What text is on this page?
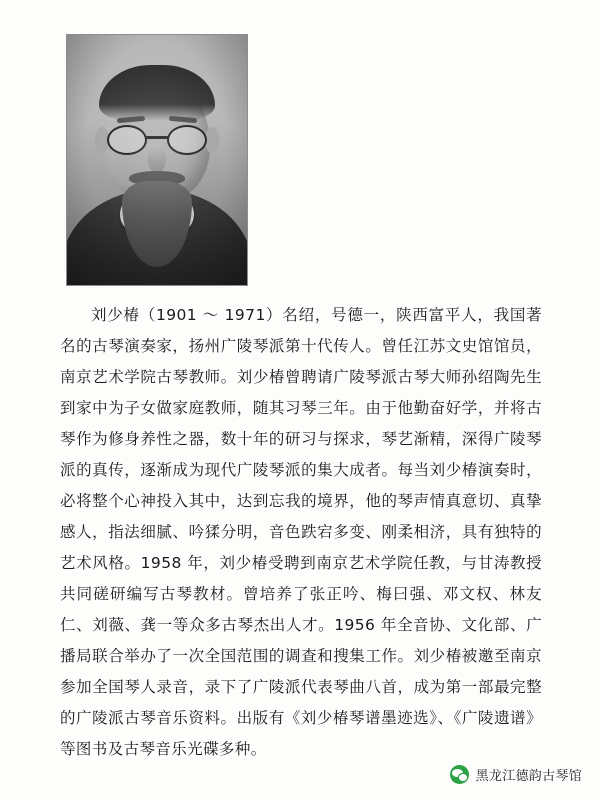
刘少椿（1901 ～ 1971）名绍，号德一，陕西富平人，我国著名的古琴演奏家，扬州广陵琴派第十代传人。曾任江苏文史馆馆员，南京艺术学院古琴教师。刘少椿曾聘请广陵琴派古琴大师孙绍陶先生到家中为子女做家庭教师，随其习琴三年。由于他勤奋好学，并将古琴作为修身养性之器，数十年的研习与探求，琴艺渐精，深得广陵琴派的真传，逐渐成为现代广陵琴派的集大成者。每当刘少椿演奏时，必将整个心神投入其中，达到忘我的境界，他的琴声情真意切、真挚感人，指法细腻、吟猱分明，音色跌宕多变、刚柔相济，具有独特的艺术风格。1958 年，刘少椿受聘到南京艺术学院任教，与甘涛教授共同磋研编写古琴教材。曾培养了张正吟、梅曰强、邓文权、林友仁、刘薇、龚一等众多古琴杰出人才。1956 年全音协、文化部、广播局联合举办了一次全国范围的调查和搜集工作。刘少椿被邀至南京参加全国琴人录音，录下了广陵派代表琴曲八首，成为第一部最完整的广陵派古琴音乐资料。出版有《刘少椿琴谱墨迹选》、《广陵遗谱》等图书及古琴音乐光碟多种。

黑龙江德韵古琴馆
